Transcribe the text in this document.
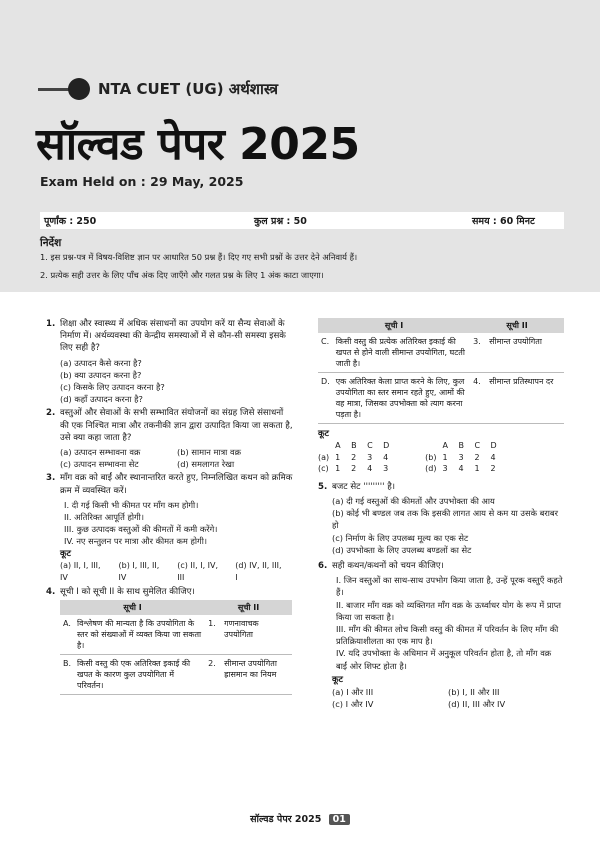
NTA CUET (UG) अर्थशास्त्र
सॉल्वड पेपर 2025
Exam Held on : 29 May, 2025
पूर्णांक : 250	कुल प्रश्न : 50	समय : 60 मिनट
निर्देश
1. इस प्रश्न-पत्र में विषय-विशिष्ट ज्ञान पर आधारित 50 प्रश्न हैं। दिए गए सभी प्रश्नों के उत्तर देने अनिवार्य हैं।
2. प्रत्येक सही उत्तर के लिए पाँच अंक दिए जाएँगे और गलत प्रश्न के लिए 1 अंक काटा जाएगा।
1. शिक्षा और स्वास्थ्य में अधिक संसाधनों का उपयोग करें या सैन्य सेवाओं के निर्माण में। अर्थव्यवस्था की केन्द्रीय समस्याओं में से कौन-सी समस्या इसके लिए सही है?
(a) उत्पादन कैसे करना है?
(b) क्या उत्पादन करना है?
(c) किसके लिए उत्पादन करना है?
(d) कहाँ उत्पादन करना है?
2. वस्तुओं और सेवाओं के सभी सम्भावित संयोजनों का संग्रह जिसे संसाधनों की एक निश्चित मात्रा और तकनीकी ज्ञान द्वारा उत्पादित किया जा सकता है, उसे क्या कहा जाता है?
(a) उत्पादन सम्भावना वक्र	(b) सामान मात्रा वक्र
(c) उत्पादन सम्भावना सेट	(d) समलागत रेखा
3. माँग वक्र को बाईं और स्थानान्तरित करते हुए, निम्नलिखित कथन को क्रमिक क्रम में व्यवस्थित करें।
I. दी गई किसी भी कीमत पर माँग कम होगी।
II. अतिरिक्त आपूर्ति होगी।
III. कुछ उत्पादक वस्तुओं की कीमतों में कमी करेंगे।
IV. नए सन्तुलन पर मात्रा और कीमत कम होगी।
कूट
(a) II, I, III, IV
(b) I, III, II, IV
(c) II, I, IV, III
(d) IV, II, III, I
4. सूची I को सूची II के साथ सुमेलित कीजिए।
सूची I		सूची II	
A.	विश्लेषण की मान्यता है कि उपयोगिता के स्तर को संख्याओं में व्यक्त किया जा सकता है।	1.	गणनावाचक उपयोगिता
B.	किसी वस्तु की एक अतिरिक्त इकाई की खपत के कारण कुल उपयोगिता में परिवर्तन।	2.	सीमान्त उपयोगिता ह्रासमान का नियम
सूची I		सूची II	
C.	किसी वस्तु की प्रत्येक अतिरिक्त इकाई की खपत से होने वाली सीमान्त उपयोगिता, घटती जाती है।	3.	सीमान्त उपयोगिता
D.	एक अतिरिक्त केला प्राप्त करने के लिए, कुल उपयोगिता का स्तर समान रहते हुए, आमों की वह मात्रा, जिसका उपभोक्ता को त्याग करना पड़ता है।	4.	सीमान्त प्रतिस्थापन दर
कूट
	A	B	C	D
(a)	1	2	3	4
(c)	1	2	4	3
	A	B	C	D
(b)	1	3	2	4
(d)	3	4	1	2
5. बजट सेट ''''''''' है।
(a) दी गई वस्तुओं की कीमतों और उपभोक्ता की आय
(b) कोई भी बण्डल जब तक कि इसकी लागत आय से कम या उसके बराबर हो
(c) निर्माण के लिए उपलब्ध मूल्य का एक सेट
(d) उपभोक्ता के लिए उपलब्ध बण्डलों का सेट
6. सही कथन/कथनों को चयन कीजिए।
I. जिन वस्तुओं का साथ-साथ उपभोग किया जाता है, उन्हें पूरक वस्तुएँ कहते हैं।
II. बाजार माँग वक्र को व्यक्तिगत माँग वक्र के ऊर्ध्वाधर योग के रूप में प्राप्त किया जा सकता है।
III. माँग की कीमत लोच किसी वस्तु की कीमत में परिवर्तन के लिए माँग की प्रतिक्रियाशीलता का एक माप है।
IV. यदि उपभोक्ता के अधिमान में अनुकूल परिवर्तन होता है, तो माँग वक्र बाईं ओर शिफ्ट होता है।
कूट
(a) I और III	(b) I, II और III
(c) I और IV	(d) II, III और IV
सॉल्वड पेपर 2025 01
